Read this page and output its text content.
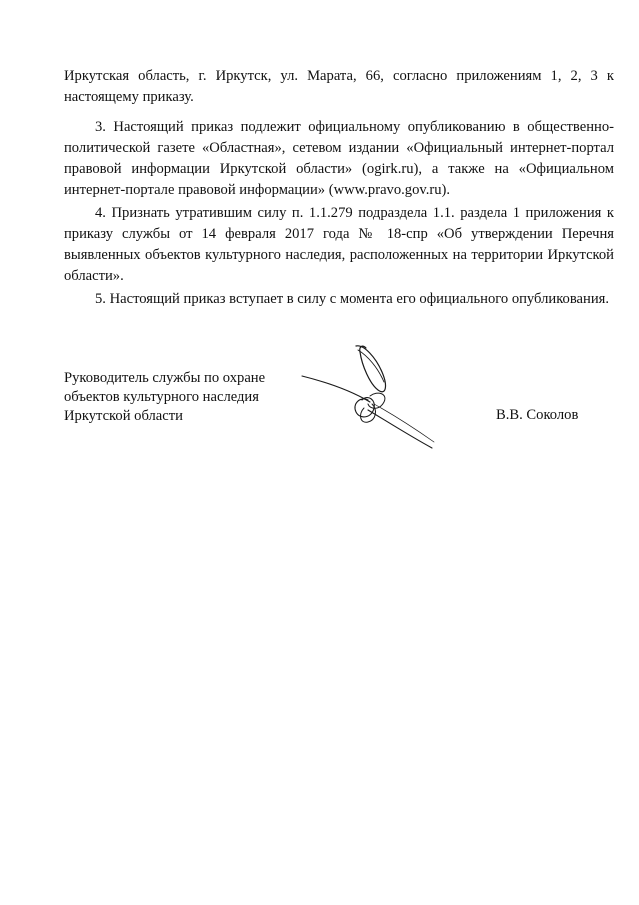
Иркутская область, г. Иркутск, ул. Марата, 66, согласно приложениям 1, 2, 3 к настоящему приказу.

3. Настоящий приказ подлежит официальному опубликованию в общественно-политической газете «Областная», сетевом издании «Официальный интернет-портал правовой информации Иркутской области» (ogirk.ru), а также на «Официальном интернет-портале правовой информации» (www.pravo.gov.ru).

4. Признать утратившим силу п. 1.1.279 подраздела 1.1. раздела 1 приложения к приказу службы от 14 февраля 2017 года № 18-спр «Об утверждении Перечня выявленных объектов культурного наследия, расположенных на территории Иркутской области».

5. Настоящий приказ вступает в силу с момента его официального опубликования.

Руководитель службы по охране
объектов культурного наследия
Иркутской области	В.В. Соколов
